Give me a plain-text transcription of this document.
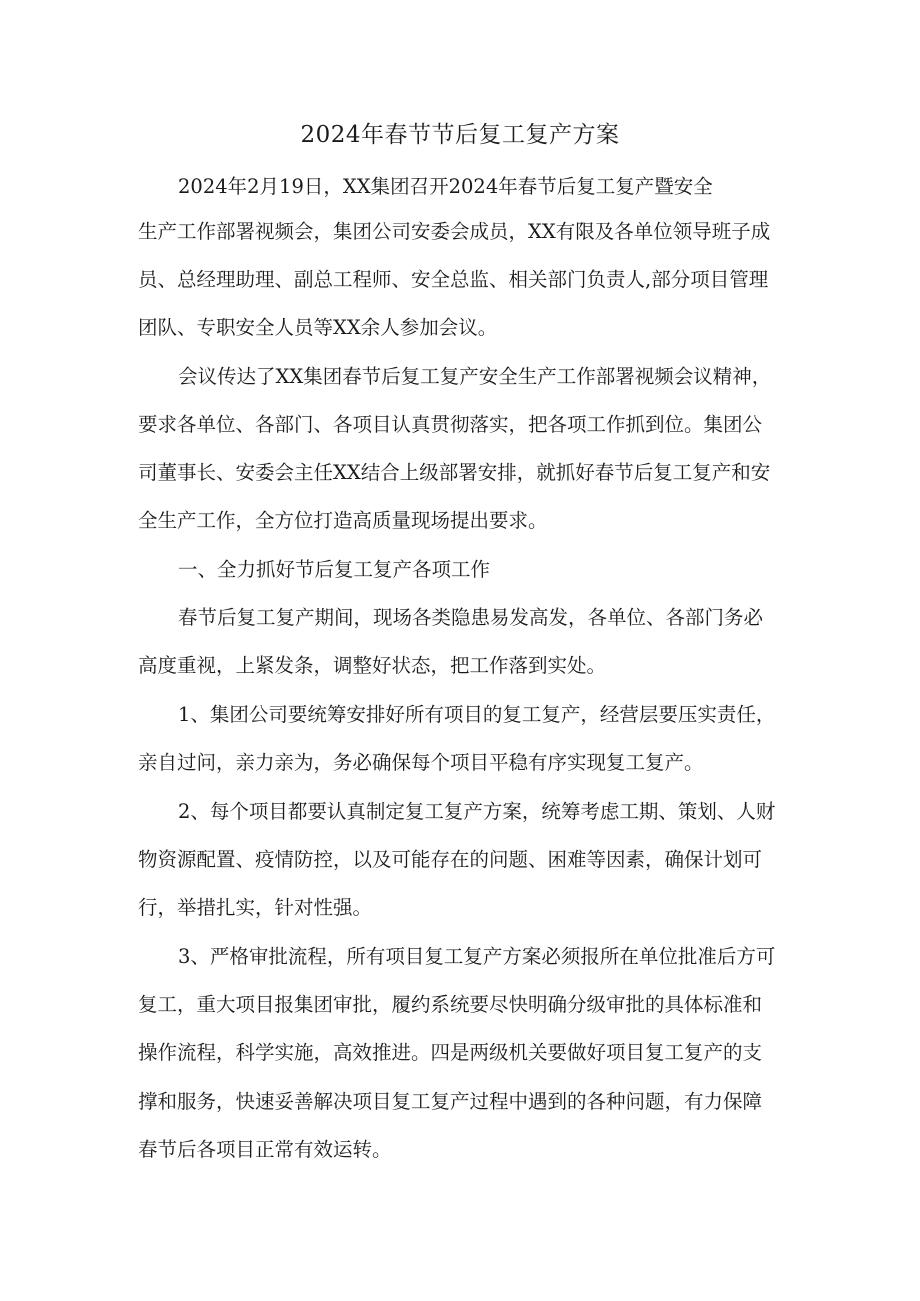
2024年春节节后复工复产方案

2024年2月19日，XX集团召开2024年春节后复工复产暨安全

生产工作部署视频会，集团公司安委会成员，XX有限及各单位领导班子成

员、总经理助理、副总工程师、安全总监、相关部门负责人,部分项目管理

团队、专职安全人员等XX余人参加会议。

会议传达了XX集团春节后复工复产安全生产工作部署视频会议精神，

要求各单位、各部门、各项目认真贯彻落实，把各项工作抓到位。集团公

司董事长、安委会主任XX结合上级部署安排，就抓好春节后复工复产和安

全生产工作，全方位打造高质量现场提出要求。

一、全力抓好节后复工复产各项工作

春节后复工复产期间，现场各类隐患易发高发，各单位、各部门务必

高度重视，上紧发条，调整好状态，把工作落到实处。

1、集团公司要统筹安排好所有项目的复工复产，经营层要压实责任，

亲自过问，亲力亲为，务必确保每个项目平稳有序实现复工复产。

2、每个项目都要认真制定复工复产方案，统筹考虑工期、策划、人财

物资源配置、疫情防控，以及可能存在的问题、困难等因素，确保计划可

行，举措扎实，针对性强。

3、严格审批流程，所有项目复工复产方案必须报所在单位批准后方可

复工，重大项目报集团审批，履约系统要尽快明确分级审批的具体标准和

操作流程，科学实施，高效推进。四是两级机关要做好项目复工复产的支

撑和服务，快速妥善解决项目复工复产过程中遇到的各种问题，有力保障

春节后各项目正常有效运转。
